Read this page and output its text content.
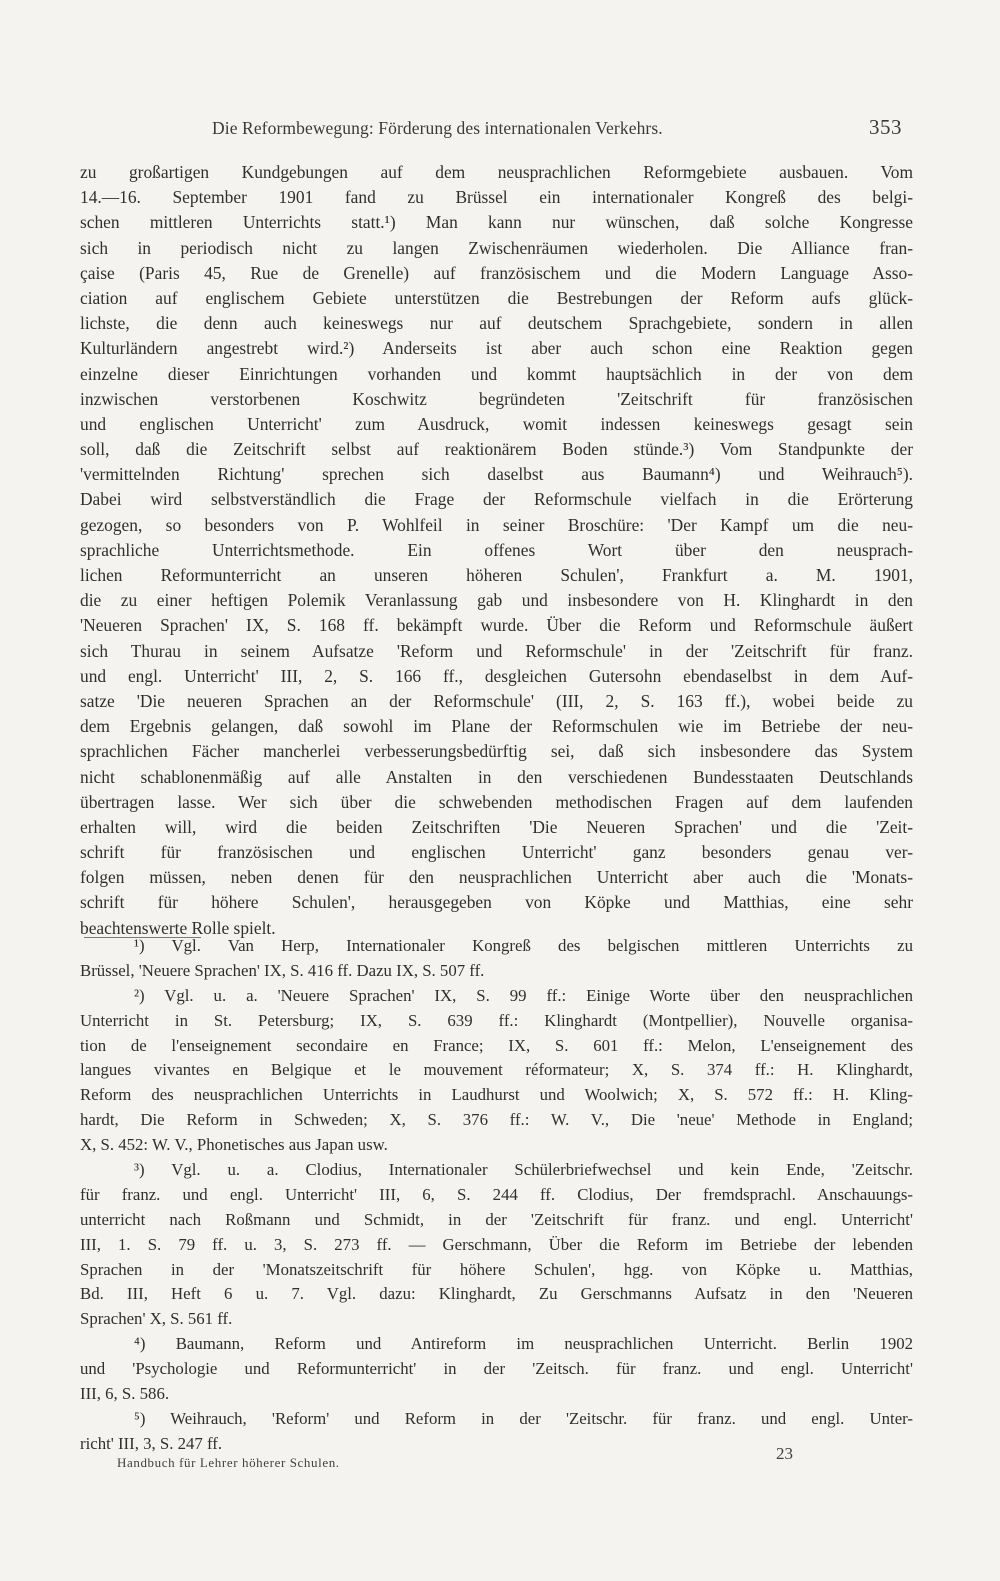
Die Reformbewegung: Förderung des internationalen Verkehrs.	353
zu großartigen Kundgebungen auf dem neusprachlichen Reformgebiete ausbauen. Vom
14.—16. September 1901 fand zu Brüssel ein internationaler Kongreß des belgi-
schen mittleren Unterrichts statt.¹) Man kann nur wünschen, daß solche Kongresse
sich in periodisch nicht zu langen Zwischenräumen wiederholen. Die Alliance fran-
çaise (Paris 45, Rue de Grenelle) auf französischem und die Modern Language Asso-
ciation auf englischem Gebiete unterstützen die Bestrebungen der Reform aufs glück-
lichste, die denn auch keineswegs nur auf deutschem Sprachgebiete, sondern in allen
Kulturländern angestrebt wird.²) Anderseits ist aber auch schon eine Reaktion gegen
einzelne dieser Einrichtungen vorhanden und kommt hauptsächlich in der von dem
inzwischen verstorbenen Koschwitz begründeten 'Zeitschrift für französischen
und englischen Unterricht' zum Ausdruck, womit indessen keineswegs gesagt sein
soll, daß die Zeitschrift selbst auf reaktionärem Boden stünde.³) Vom Standpunkte der
'vermittelnden Richtung' sprechen sich daselbst aus Baumann⁴) und Weihrauch⁵).
Dabei wird selbstverständlich die Frage der Reformschule vielfach in die Erörterung
gezogen, so besonders von P. Wohlfeil in seiner Broschüre: 'Der Kampf um die neu-
sprachliche Unterrichtsmethode. Ein offenes Wort über den neusprach-
lichen Reformunterricht an unseren höheren Schulen', Frankfurt a. M. 1901,
die zu einer heftigen Polemik Veranlassung gab und insbesondere von H. Klinghardt in den
'Neueren Sprachen' IX, S. 168 ff. bekämpft wurde. Über die Reform und Reformschule äußert
sich Thurau in seinem Aufsatze 'Reform und Reformschule' in der 'Zeitschrift für franz.
und engl. Unterricht' III, 2, S. 166 ff., desgleichen Gutersohn ebendaselbst in dem Auf-
satze 'Die neueren Sprachen an der Reformschule' (III, 2, S. 163 ff.), wobei beide zu
dem Ergebnis gelangen, daß sowohl im Plane der Reformschulen wie im Betriebe der neu-
sprachlichen Fächer mancherlei verbesserungsbedürftig sei, daß sich insbesondere das System
nicht schablonenmäßig auf alle Anstalten in den verschiedenen Bundesstaaten Deutschlands
übertragen lasse. Wer sich über die schwebenden methodischen Fragen auf dem laufenden
erhalten will, wird die beiden Zeitschriften 'Die Neueren Sprachen' und die 'Zeit-
schrift für französischen und englischen Unterricht' ganz besonders genau ver-
folgen müssen, neben denen für den neusprachlichen Unterricht aber auch die 'Monats-
schrift für höhere Schulen', herausgegeben von Köpke und Matthias, eine sehr
beachtenswerte Rolle spielt.
¹) Vgl. Van Herp, Internationaler Kongreß des belgischen mittleren Unterrichts zu
Brüssel, 'Neuere Sprachen' IX, S. 416 ff. Dazu IX, S. 507 ff.
²) Vgl. u. a. 'Neuere Sprachen' IX, S. 99 ff.: Einige Worte über den neusprachlichen
Unterricht in St. Petersburg; IX, S. 639 ff.: Klinghardt (Montpellier), Nouvelle organisa-
tion de l'enseignement secondaire en France; IX, S. 601 ff.: Melon, L'enseignement des
langues vivantes en Belgique et le mouvement réformateur; X, S. 374 ff.: H. Klinghardt,
Reform des neusprachlichen Unterrichts in Laudhurst und Woolwich; X, S. 572 ff.: H. Kling-
hardt, Die Reform in Schweden; X, S. 376 ff.: W. V., Die 'neue' Methode in England;
X, S. 452: W. V., Phonetisches aus Japan usw.
³) Vgl. u. a. Clodius, Internationaler Schülerbriefwechsel und kein Ende, 'Zeitschr.
für franz. und engl. Unterricht' III, 6, S. 244 ff. Clodius, Der fremdsprachl. Anschauungs-
unterricht nach Roßmann und Schmidt, in der 'Zeitschrift für franz. und engl. Unterricht'
III, 1. S. 79 ff. u. 3, S. 273 ff. — Gerschmann, Über die Reform im Betriebe der lebenden
Sprachen in der 'Monatszeitschrift für höhere Schulen', hgg. von Köpke u. Matthias,
Bd. III, Heft 6 u. 7. Vgl. dazu: Klinghardt, Zu Gerschmanns Aufsatz in den 'Neueren
Sprachen' X, S. 561 ff.
⁴) Baumann, Reform und Antireform im neusprachlichen Unterricht. Berlin 1902
und 'Psychologie und Reformunterricht' in der 'Zeitsch. für franz. und engl. Unterricht'
III, 6, S. 586.
⁵) Weihrauch, 'Reform' und Reform in der 'Zeitschr. für franz. und engl. Unter-
richt' III, 3, S. 247 ff.
Handbuch für Lehrer höherer Schulen.	23
